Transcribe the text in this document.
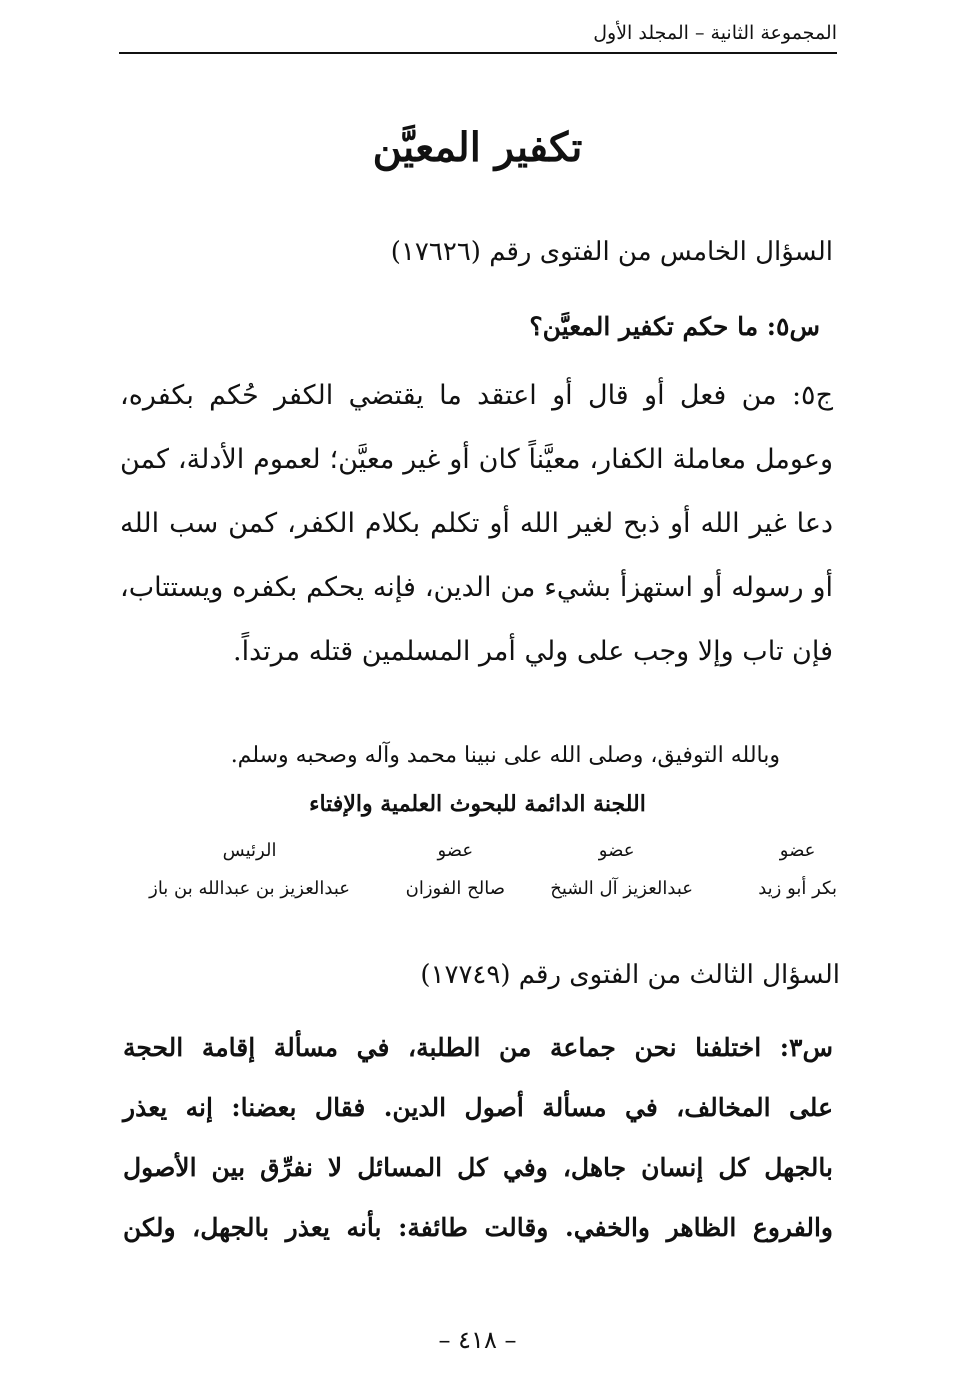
المجموعة الثانية – المجلد الأول
تكفير المعيَّن
السؤال الخامس من الفتوى رقم (١٧٦٢٦)
س٥: ما حكم تكفير المعيَّن؟

ج٥: من فعل أو قال أو اعتقد ما يقتضي الكفر حُكم بكفره، وعومل معاملة الكفار، معيَّناً كان أو غير معيَّن؛ لعموم الأدلة، كمن دعا غير الله أو ذبح لغير الله أو تكلم بكلام الكفر، كمن سب الله أو رسوله أو استهزأ بشيء من الدين، فإنه يحكم بكفره ويستتاب، فإن تاب وإلا وجب على ولي أمر المسلمين قتله مرتداً.

وبالله التوفيق، وصلى الله على نبينا محمد وآله وصحبه وسلم.
اللجنة الدائمة للبحوث العلمية والإفتاء
عضو
بكر أبو زيد
عضو
عبدالعزيز آل الشيخ
عضو
صالح الفوزان
الرئيس
عبدالعزيز بن عبدالله بن باز
السؤال الثالث من الفتوى رقم (١٧٧٤٩)

س٣: اختلفنا نحن جماعة من الطلبة، في مسألة إقامة الحجة

على المخالف، في مسألة أصول الدين. فقال بعضنا: إنه يعذر

بالجهل كل إنسان جاهل، وفي كل المسائل لا نفرِّق بين الأصول

والفروع الظاهر والخفي. وقالت طائفة: بأنه يعذر بالجهل، ولكن

– ٤١٨ –
